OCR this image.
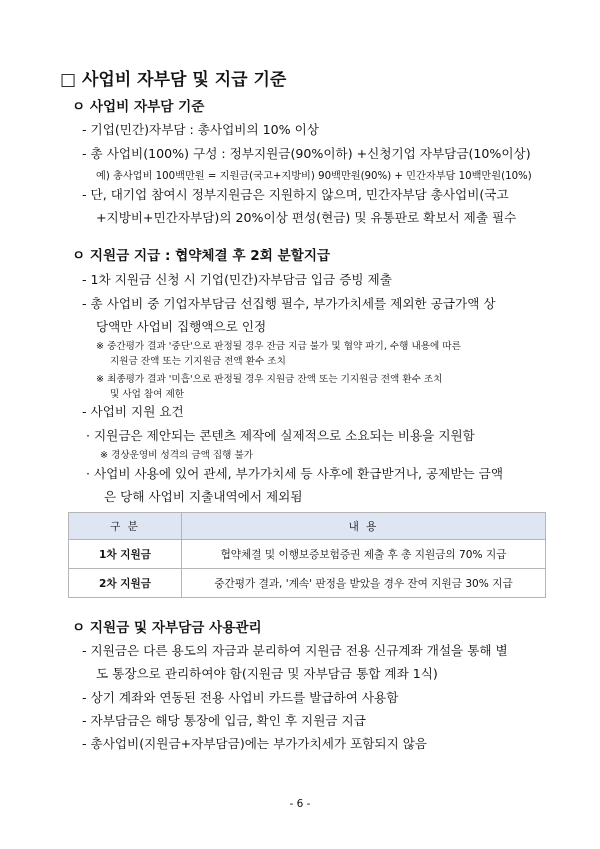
□ 사업비 자부담 및 지급 기준
ㅇ 사업비 자부담 기준
- 기업(민간)자부담 : 총사업비의 10% 이상
- 총 사업비(100%) 구성 : 정부지원금(90%이하) +신청기업 자부담금(10%이상)
예) 총사업비 100백만원 = 지원금(국고+지방비) 90백만원(90%) + 민간자부담 10백만원(10%)
- 단, 대기업 참여시 정부지원금은 지원하지 않으며, 민간자부담 총사업비(국고
+지방비+민간자부담)의 20%이상 편성(현금) 및 유통판로 확보서 제출 필수
ㅇ 지원금 지급 : 협약체결 후 2회 분할지급
- 1차 지원금 신청 시 기업(민간)자부담금 입금 증빙 제출
- 총 사업비 중 기업자부담금 선집행 필수, 부가가치세를 제외한 공급가액 상
당액만 사업비 집행액으로 인정
※ 중간평가 결과 '중단'으로 판정될 경우 잔금 지급 불가 및 협약 파기, 수행 내용에 따른
지원금 잔액 또는 기지원금 전액 환수 조치
※ 최종평가 결과 '미흡'으로 판정될 경우 지원금 잔액 또는 기지원금 전액 환수 조치
및 사업 참여 제한
- 사업비 지원 요건
· 지원금은 제안되는 콘텐츠 제작에 실제적으로 소요되는 비용을 지원함
※ 경상운영비 성격의 금액 집행 불가
· 사업비 사용에 있어 관세, 부가가치세 등 사후에 환급받거나, 공제받는 금액
은 당해 사업비 지출내역에서 제외됨
구 분	내 용
1차 지원금	협약체결 및 이행보증보험증권 제출 후 총 지원금의 70% 지급
2차 지원금	중간평가 결과, '계속' 판정을 받았을 경우 잔여 지원금 30% 지급
ㅇ 지원금 및 자부담금 사용관리
- 지원금은 다른 용도의 자금과 분리하여 지원금 전용 신규계좌 개설을 통해 별
도 통장으로 관리하여야 함(지원금 및 자부담금 통합 계좌 1식)
- 상기 계좌와 연동된 전용 사업비 카드를 발급하여 사용함
- 자부담금은 해당 통장에 입금, 확인 후 지원금 지급
- 총사업비(지원금+자부담금)에는 부가가치세가 포함되지 않음
- 6 -
